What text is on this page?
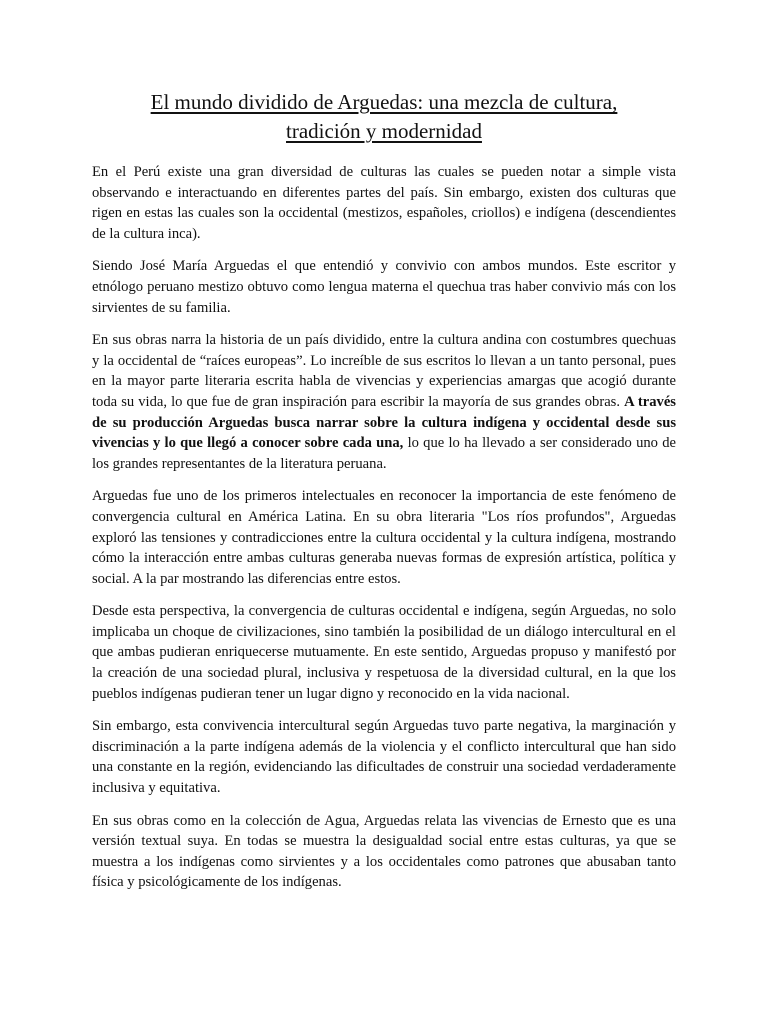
El mundo dividido de Arguedas: una mezcla de cultura,
tradición y modernidad

En el Perú existe una gran diversidad de culturas las cuales se pueden notar a simple vista observando e interactuando en diferentes partes del país. Sin embargo, existen dos culturas que rigen en estas las cuales son la occidental (mestizos, españoles, criollos) e indígena (descendientes de la cultura inca).

Siendo José María Arguedas el que entendió y convivio con ambos mundos. Este escritor y etnólogo peruano mestizo obtuvo como lengua materna el quechua tras haber convivio más con los sirvientes de su familia.

En sus obras narra la historia de un país dividido, entre la cultura andina con costumbres quechuas y la occidental de “raíces europeas”. Lo increíble de sus escritos lo llevan a un tanto personal, pues en la mayor parte literaria escrita habla de vivencias y experiencias amargas que acogió durante toda su vida, lo que fue de gran inspiración para escribir la mayoría de sus grandes obras. A través de su producción Arguedas busca narrar sobre la cultura indígena y occidental desde sus vivencias y lo que llegó a conocer sobre cada una, lo que lo ha llevado a ser considerado uno de los grandes representantes de la literatura peruana.

Arguedas fue uno de los primeros intelectuales en reconocer la importancia de este fenómeno de convergencia cultural en América Latina. En su obra literaria "Los ríos profundos", Arguedas exploró las tensiones y contradicciones entre la cultura occidental y la cultura indígena, mostrando cómo la interacción entre ambas culturas generaba nuevas formas de expresión artística, política y social. A la par mostrando las diferencias entre estos.

Desde esta perspectiva, la convergencia de culturas occidental e indígena, según Arguedas, no solo implicaba un choque de civilizaciones, sino también la posibilidad de un diálogo intercultural en el que ambas pudieran enriquecerse mutuamente. En este sentido, Arguedas propuso y manifestó por la creación de una sociedad plural, inclusiva y respetuosa de la diversidad cultural, en la que los pueblos indígenas pudieran tener un lugar digno y reconocido en la vida nacional.

Sin embargo, esta convivencia intercultural según Arguedas tuvo parte negativa, la marginación y discriminación a la parte indígena además de la violencia y el conflicto intercultural que han sido una constante en la región, evidenciando las dificultades de construir una sociedad verdaderamente inclusiva y equitativa.

En sus obras como en la colección de Agua, Arguedas relata las vivencias de Ernesto que es una versión textual suya. En todas se muestra la desigualdad social entre estas culturas, ya que se muestra a los indígenas como sirvientes y a los occidentales como patrones que abusaban tanto física y psicológicamente de los indígenas.
